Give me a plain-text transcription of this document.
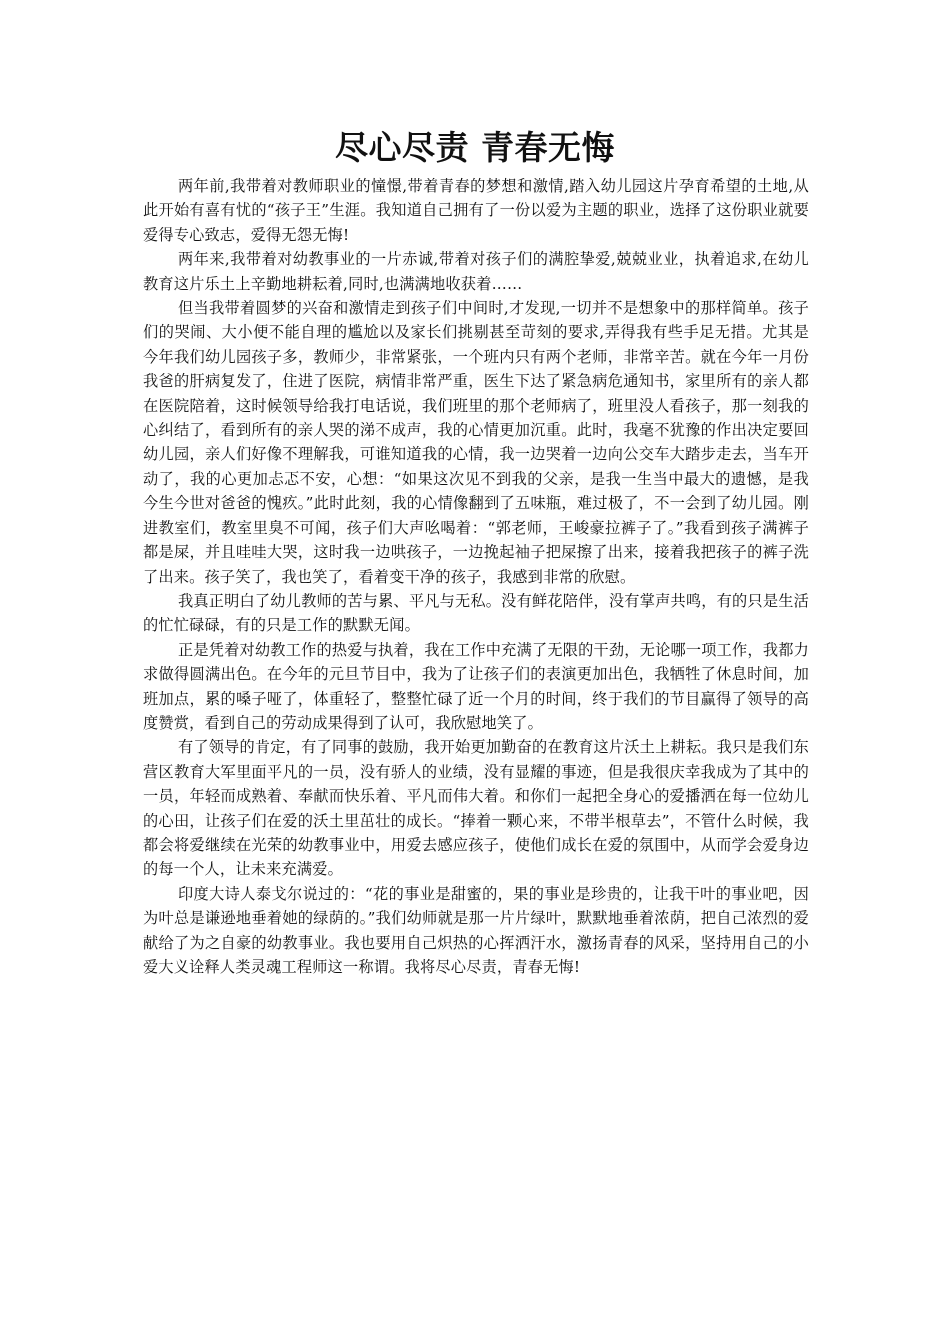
尽心尽责 青春无悔

两年前,我带着对教师职业的憧憬,带着青春的梦想和激情,踏入幼儿园这片孕育希望的土地,从此开始有喜有忧的“孩子王”生涯。我知道自己拥有了一份以爱为主题的职业，选择了这份职业就要爱得专心致志，爱得无怨无悔!

两年来,我带着对幼教事业的一片赤诚,带着对孩子们的满腔挚爱,兢兢业业，执着追求,在幼儿教育这片乐土上辛勤地耕耘着,同时,也满满地收获着……

但当我带着圆梦的兴奋和激情走到孩子们中间时,才发现,一切并不是想象中的那样简单。孩子们的哭闹、大小便不能自理的尴尬以及家长们挑剔甚至苛刻的要求,弄得我有些手足无措。尤其是今年我们幼儿园孩子多，教师少，非常紧张，一个班内只有两个老师，非常辛苦。就在今年一月份我爸的肝病复发了，住进了医院，病情非常严重，医生下达了紧急病危通知书，家里所有的亲人都在医院陪着，这时候领导给我打电话说，我们班里的那个老师病了，班里没人看孩子，那一刻我的心纠结了，看到所有的亲人哭的涕不成声，我的心情更加沉重。此时，我毫不犹豫的作出决定要回幼儿园，亲人们好像不理解我，可谁知道我的心情，我一边哭着一边向公交车大踏步走去，当车开动了，我的心更加忐忑不安，心想：“如果这次见不到我的父亲，是我一生当中最大的遗憾，是我今生今世对爸爸的愧疚。”此时此刻，我的心情像翻到了五味瓶，难过极了，不一会到了幼儿园。刚进教室们，教室里臭不可闻，孩子们大声吆喝着：“郭老师，王峻豪拉裤子了。”我看到孩子满裤子都是屎，并且哇哇大哭，这时我一边哄孩子，一边挽起袖子把屎擦了出来，接着我把孩子的裤子洗了出来。孩子笑了，我也笑了，看着变干净的孩子，我感到非常的欣慰。

我真正明白了幼儿教师的苦与累、平凡与无私。没有鲜花陪伴，没有掌声共鸣，有的只是生活的忙忙碌碌，有的只是工作的默默无闻。

正是凭着对幼教工作的热爱与执着，我在工作中充满了无限的干劲，无论哪一项工作，我都力求做得圆满出色。在今年的元旦节目中，我为了让孩子们的表演更加出色，我牺牲了休息时间，加班加点，累的嗓子哑了，体重轻了，整整忙碌了近一个月的时间，终于我们的节目赢得了领导的高度赞赏，看到自己的劳动成果得到了认可，我欣慰地笑了。

有了领导的肯定，有了同事的鼓励，我开始更加勤奋的在教育这片沃土上耕耘。我只是我们东营区教育大军里面平凡的一员，没有骄人的业绩，没有显耀的事迹，但是我很庆幸我成为了其中的一员，年轻而成熟着、奉献而快乐着、平凡而伟大着。和你们一起把全身心的爱播洒在每一位幼儿的心田，让孩子们在爱的沃土里茁壮的成长。“捧着一颗心来，不带半根草去”，不管什么时候，我都会将爱继续在光荣的幼教事业中，用爱去感应孩子，使他们成长在爱的氛围中，从而学会爱身边的每一个人，让未来充满爱。

印度大诗人泰戈尔说过的：“花的事业是甜蜜的，果的事业是珍贵的，让我干叶的事业吧，因为叶总是谦逊地垂着她的绿荫的。”我们幼师就是那一片片绿叶，默默地垂着浓荫，把自己浓烈的爱献给了为之自豪的幼教事业。我也要用自己炽热的心挥洒汗水，激扬青春的风采，坚持用自己的小爱大义诠释人类灵魂工程师这一称谓。我将尽心尽责，青春无悔!
